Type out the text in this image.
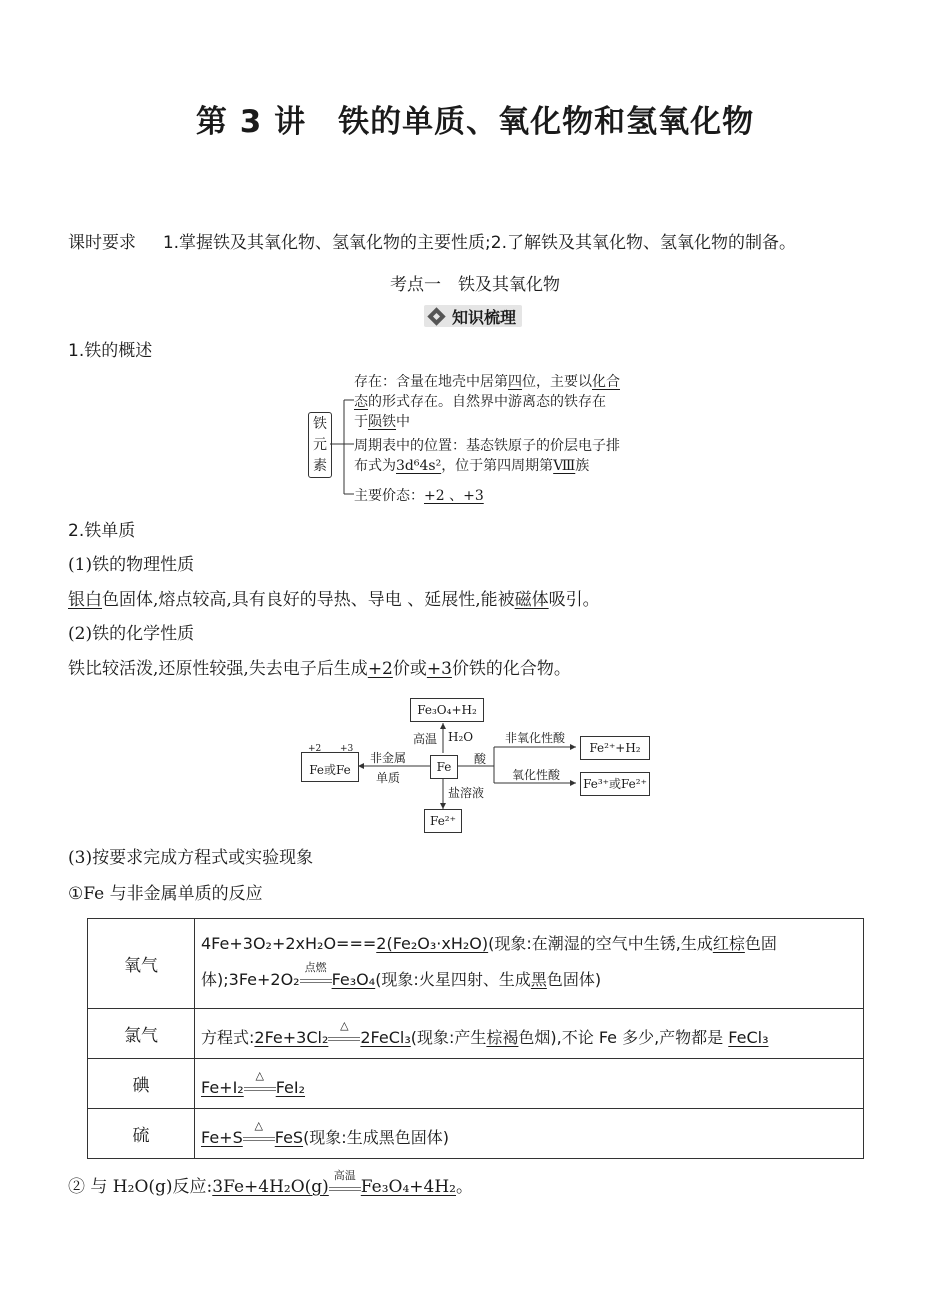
第 3 讲　铁的单质、氧化物和氢氧化物
课时要求 1.掌握铁及其氧化物、氢氧化物的主要性质;2.了解铁及其氧化物、氢氧化物的制备。
考点一　铁及其氧化物
知识梳理
1.铁的概述
铁
元
素
存在：含量在地壳中居第四位，主要以化合
态的形式存在。自然界中游离态的铁存在
于陨铁中
周期表中的位置：基态铁原子的价层电子排
布式为3d⁶4s²，位于第四周期第Ⅷ族
主要价态：+2 、+3
2.铁单质
(1)铁的物理性质
银白色固体,熔点较高,具有良好的导热、导电 、延展性,能被磁体吸引。
(2)铁的化学性质
铁比较活泼,还原性较强,失去电子后生成+2价或+3价铁的化合物。
Fe₃O₄+H₂
高温 H₂O
Fe
Fe或Fe
+2 +3
非金属
单质
酸
非氧化性酸
氧化性酸
Fe²⁺+H₂
Fe³⁺或Fe²⁺
盐溶液
Fe²⁺
(3)按要求完成方程式或实验现象
①Fe 与非金属单质的反应
氧气	4Fe+3O₂+2xH₂O===2(Fe₂O₃·xH₂O)(现象:在潮湿的空气中生锈,生成红棕色固
体);3Fe+2O₂
点燃
Fe₃O₄(现象:火星四射、生成黑色固体)

氯气	方程式:2Fe+3Cl₂
△
2FeCl₃(现象:产生棕褐色烟),不论 Fe 多少,产物都是 FeCl₃
碘	Fe+I₂
△
FeI₂
硫	Fe+S
△
FeS(现象:生成黑色固体)
② 与 H₂O(g)反应:3Fe+4H₂O(g)
高温
Fe₃O₄+4H₂。
